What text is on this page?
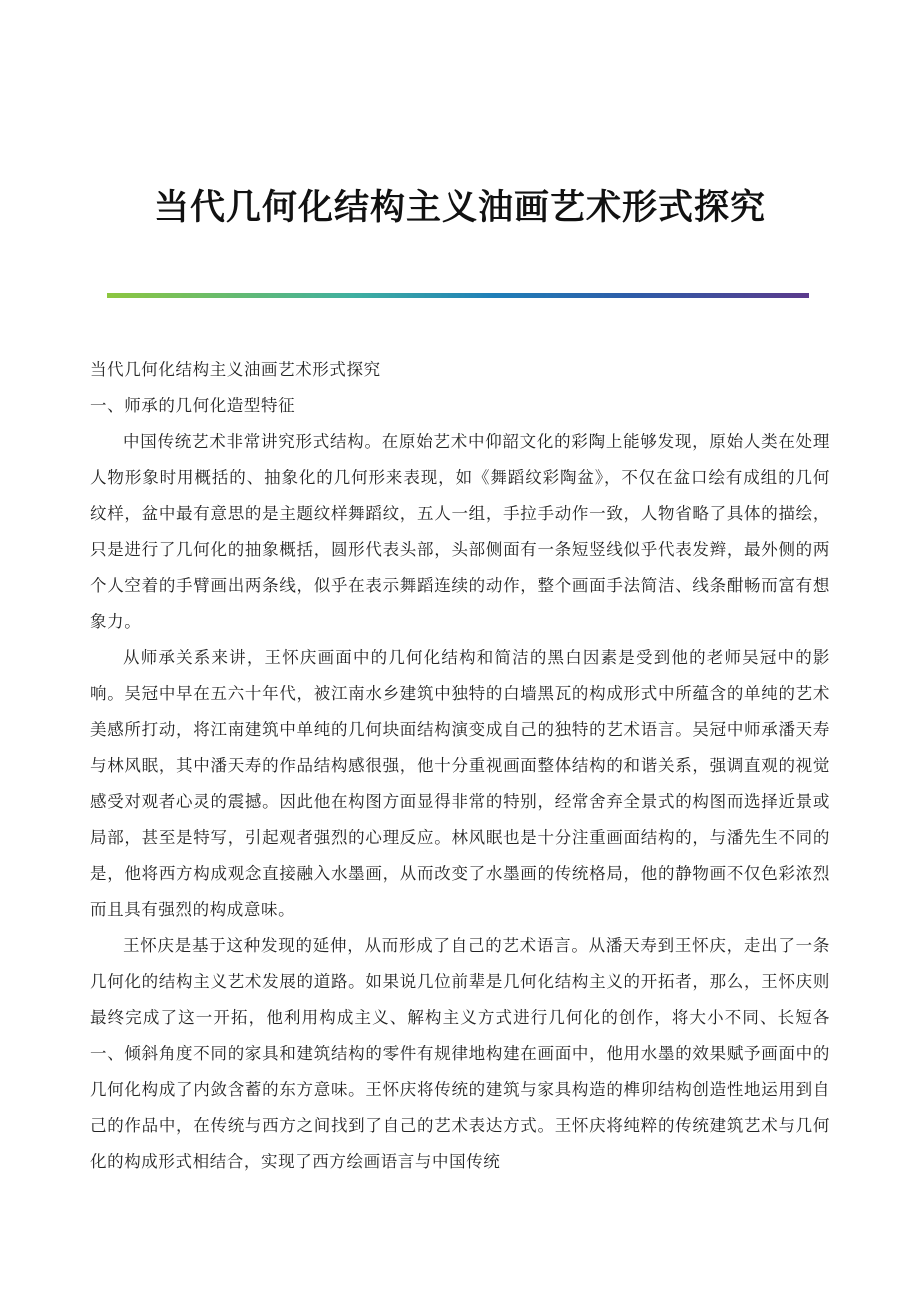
当代几何化结构主义油画艺术形式探究

当代几何化结构主义油画艺术形式探究

一、师承的几何化造型特征

中国传统艺术非常讲究形式结构。在原始艺术中仰韶文化的彩陶上能够发现，原始人类在处理人物形象时用概括的、抽象化的几何形来表现，如《舞蹈纹彩陶盆》，不仅在盆口绘有成组的几何纹样，盆中最有意思的是主题纹样舞蹈纹，五人一组，手拉手动作一致，人物省略了具体的描绘，只是进行了几何化的抽象概括，圆形代表头部，头部侧面有一条短竖线似乎代表发辫，最外侧的两个人空着的手臂画出两条线，似乎在表示舞蹈连续的动作，整个画面手法简洁、线条酣畅而富有想象力。

从师承关系来讲，王怀庆画面中的几何化结构和简洁的黑白因素是受到他的老师吴冠中的影响。吴冠中早在五六十年代，被江南水乡建筑中独特的白墙黑瓦的构成形式中所蕴含的单纯的艺术美感所打动，将江南建筑中单纯的几何块面结构演变成自己的独特的艺术语言。吴冠中师承潘天寿与林风眠，其中潘天寿的作品结构感很强，他十分重视画面整体结构的和谐关系，强调直观的视觉感受对观者心灵的震撼。因此他在构图方面显得非常的特别，经常舍弃全景式的构图而选择近景或局部，甚至是特写，引起观者强烈的心理反应。林风眠也是十分注重画面结构的，与潘先生不同的是，他将西方构成观念直接融入水墨画，从而改变了水墨画的传统格局，他的静物画不仅色彩浓烈而且具有强烈的构成意味。

王怀庆是基于这种发现的延伸，从而形成了自己的艺术语言。从潘天寿到王怀庆，走出了一条几何化的结构主义艺术发展的道路。如果说几位前辈是几何化结构主义的开拓者，那么，王怀庆则最终完成了这一开拓，他利用构成主义、解构主义方式进行几何化的创作，将大小不同、长短各一、倾斜角度不同的家具和建筑结构的零件有规律地构建在画面中，他用水墨的效果赋予画面中的几何化构成了内敛含蓄的东方意味。王怀庆将传统的建筑与家具构造的榫卯结构创造性地运用到自己的作品中，在传统与西方之间找到了自己的艺术表达方式。王怀庆将纯粹的传统建筑艺术与几何化的构成形式相结合，实现了西方绘画语言与中国传统
